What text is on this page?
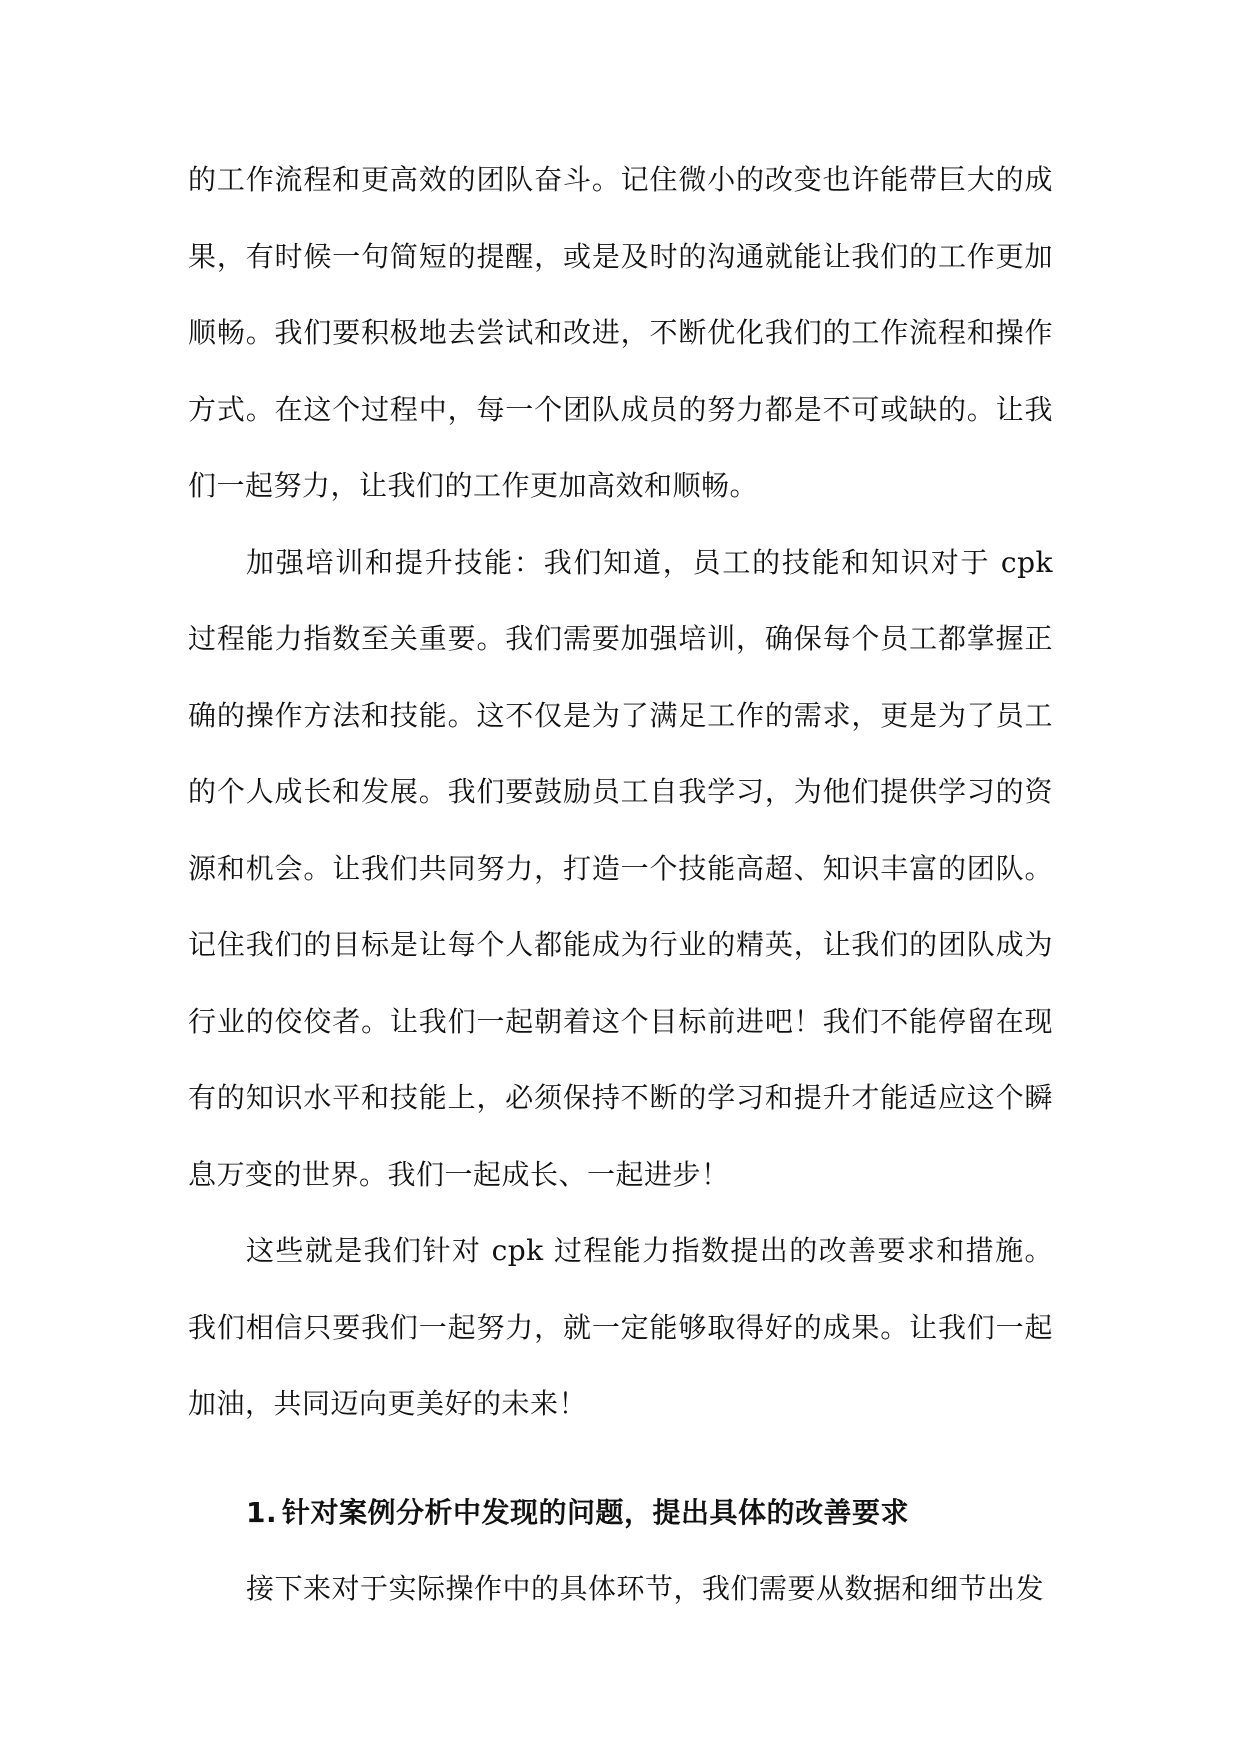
的工作流程和更高效的团队奋斗。记住微小的改变也许能带巨大的成果，有时候一句简短的提醒，或是及时的沟通就能让我们的工作更加顺畅。我们要积极地去尝试和改进，不断优化我们的工作流程和操作方式。在这个过程中，每一个团队成员的努力都是不可或缺的。让我们一起努力，让我们的工作更加高效和顺畅。

加强培训和提升技能：我们知道，员工的技能和知识对于 cpk 过程能力指数至关重要。我们需要加强培训，确保每个员工都掌握正确的操作方法和技能。这不仅是为了满足工作的需求，更是为了员工的个人成长和发展。我们要鼓励员工自我学习，为他们提供学习的资源和机会。让我们共同努力，打造一个技能高超、知识丰富的团队。记住我们的目标是让每个人都能成为行业的精英，让我们的团队成为行业的佼佼者。让我们一起朝着这个目标前进吧！我们不能停留在现有的知识水平和技能上，必须保持不断的学习和提升才能适应这个瞬息万变的世界。我们一起成长、一起进步！

这些就是我们针对 cpk 过程能力指数提出的改善要求和措施。我们相信只要我们一起努力，就一定能够取得好的成果。让我们一起加油，共同迈向更美好的未来！

1. 针对案例分析中发现的问题，提出具体的改善要求

接下来对于实际操作中的具体环节，我们需要从数据和细节出发
